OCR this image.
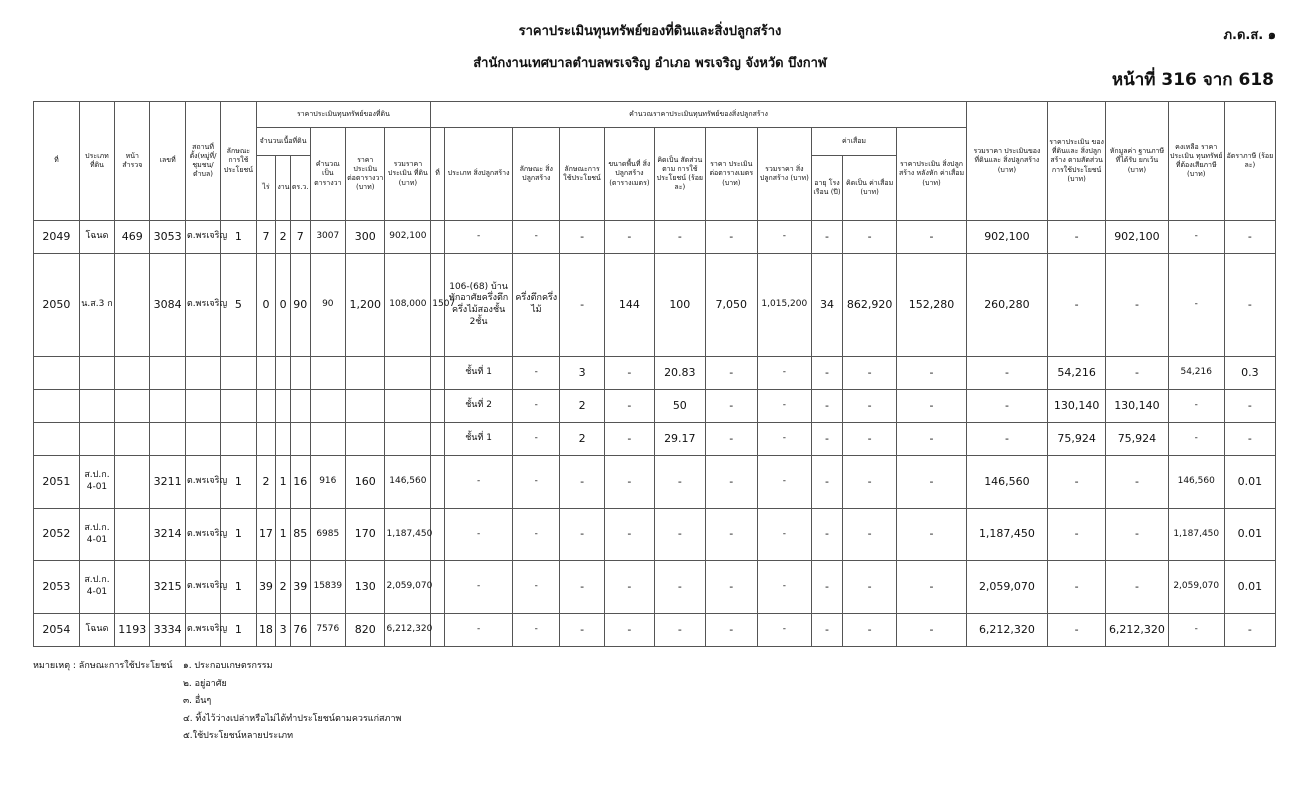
ราคาประเมินทุนทรัพย์ของที่ดินและสิ่งปลูกสร้าง
สำนักงานเทศบาลตำบลพรเจริญ อำเภอ พรเจริญ จังหวัด บึงกาฬ
ภ.ด.ส. ๑
หน้าที่ 316 จาก 618
ที่	ประเภท ที่ดิน	หน้า สำรวจ	เลขที่	สถานที่ตั้ง(หมู่ที่/ชุมชน/ตำบล)	ลักษณะ การใช้ ประโยชน์	ราคาประเมินทุนทรัพย์ของที่ดิน						คำนวณราคาประเมินทุนทรัพย์ของสิ่งปลูกสร้าง											รวมราคา ประเมินของ ที่ดินและ สิ่งปลูกสร้าง (บาท)	ราคาประเมิน ของที่ดินและ สิ่งปลูกสร้าง ตามสัดส่วน การใช้ประโยชน์ (บาท)	หักมูลค่า ฐานภาษี ที่ได้รับ ยกเว้น (บาท)	คงเหลือ ราคาประเมิน ทุนทรัพย์ ที่ต้องเสียภาษี (บาท)	อัตราภาษี (ร้อยละ)
						จำนวนเนื้อที่ดิน			คำนวณ เป็น ตารางวา	ราคา ประเมิน ต่อตารางวา (บาท)	รวมราคา ประเมิน ที่ดิน (บาท)	ที่	ประเภท สิ่งปลูกสร้าง	ลักษณะ สิ่งปลูกสร้าง	ลักษณะการ ใช้ประโยชน์	ขนาดพื้นที่ สิ่งปลูกสร้าง (ตารางเมตร)	คิดเป็น สัดส่วนตาม การใช้ ประโยชน์ (ร้อยละ)	ราคา ประเมิน ต่อตารางเมตร (บาท)	รวมราคา สิ่งปลูกสร้าง (บาท)	ค่าเสื่อม		ราคาประเมิน สิ่งปลูกสร้าง หลังหัก ค่าเสื่อม (บาท)					
						ไร่	งาน	ตร.ว.												อายุ โรงเรือน (ปี)	คิดเป็น ค่าเสื่อม (บาท)						
2049	โฉนด	469	3053	ต.พรเจริญ	1	7	2	7	3007	300	902,100		-	-	-	-	-	-	-	-	-	-	902,100	-	902,100	-	-
2050	น.ส.3 ก		3084	ต.พรเจริญ	5	0	0	90	90	1,200	108,000	1507	106-(68) บ้านพักอาศัยครึ่งตึกครึ่งไม้สองชั้น 2ชั้น	ครึ่งตึกครึ่งไม้	-	144	100	7,050	1,015,200	34	862,920	152,280	260,280	-	-	-	-
													ชั้นที่ 1	-	3	-	20.83	-	-	-	-	-	-	54,216	-	54,216	0.3
													ชั้นที่ 2	-	2	-	50	-	-	-	-	-	-	130,140	130,140	-	-
													ชั้นที่ 1	-	2	-	29.17	-	-	-	-	-	-	75,924	75,924	-	-
2051	ส.ป.ก. 4-01		3211	ต.พรเจริญ	1	2	1	16	916	160	146,560		-	-	-	-	-	-	-	-	-	-	146,560	-	-	146,560	0.01
2052	ส.ป.ก. 4-01		3214	ต.พรเจริญ	1	17	1	85	6985	170	1,187,450		-	-	-	-	-	-	-	-	-	-	1,187,450	-	-	1,187,450	0.01
2053	ส.ป.ก. 4-01		3215	ต.พรเจริญ	1	39	2	39	15839	130	2,059,070		-	-	-	-	-	-	-	-	-	-	2,059,070	-	-	2,059,070	0.01
2054	โฉนด	1193	3334	ต.พรเจริญ	1	18	3	76	7576	820	6,212,320		-	-	-	-	-	-	-	-	-	-	6,212,320	-	6,212,320	-	-
หมายเหตุ : ลักษณะการใช้ประโยชน์ ๑. ประกอบเกษตรกรรม
๒. อยู่อาศัย
๓. อื่นๆ
๔. ทิ้งไว้ว่างเปล่าหรือไม่ได้ทำประโยชน์ตามควรแก่สภาพ
๕.ใช้ประโยชน์หลายประเภท
